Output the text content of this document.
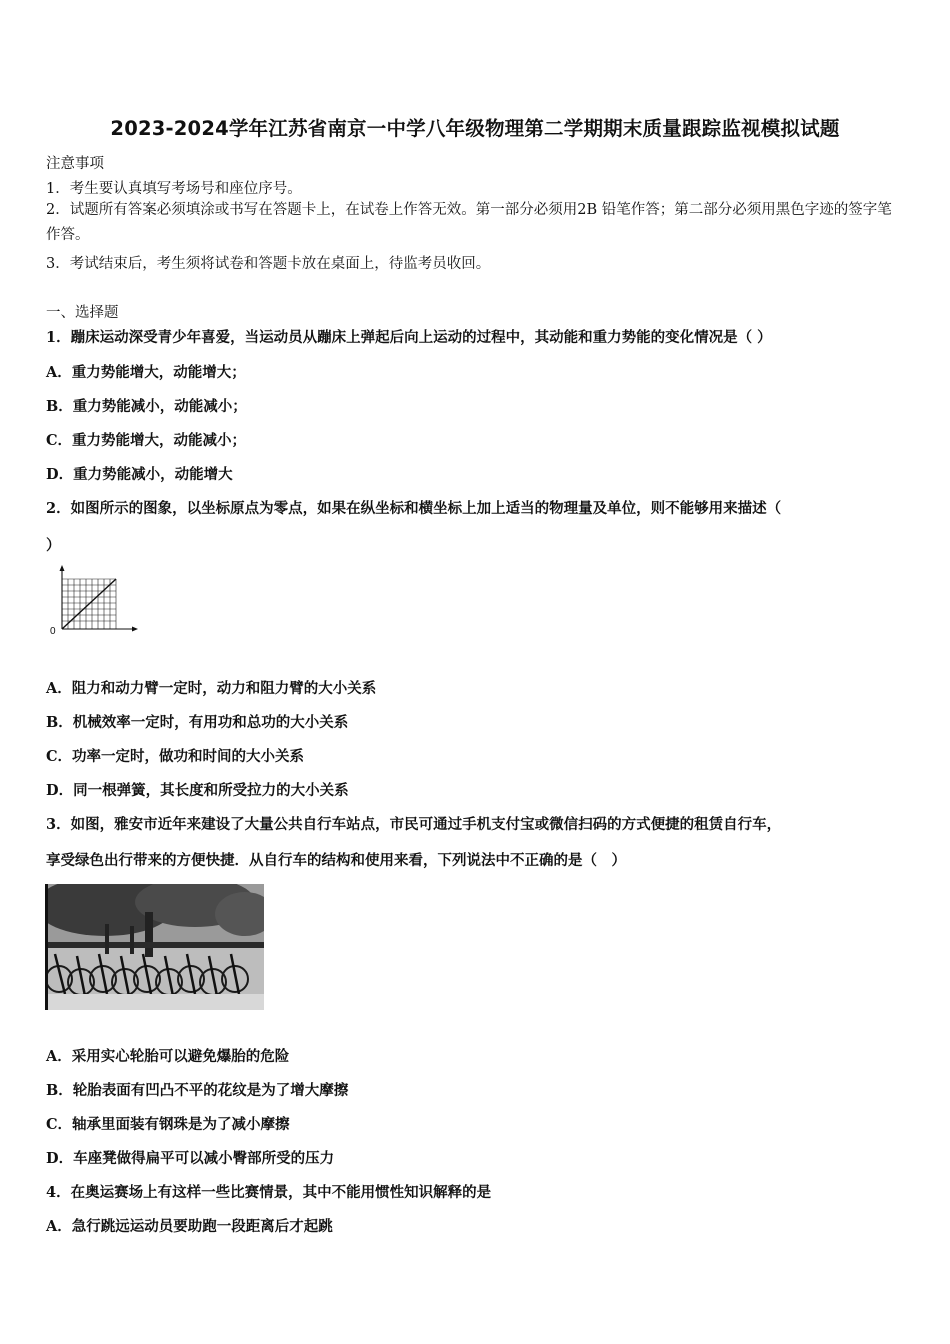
2023-2024学年江苏省南京一中学八年级物理第二学期期末质量跟踪监视模拟试题
注意事项
1．考生要认真填写考场号和座位序号。
2．试题所有答案必须填涂或书写在答题卡上，在试卷上作答无效。第一部分必须用2B 铅笔作答；第二部分必须用黑色字迹的签字笔作答。
3．考试结束后，考生须将试卷和答题卡放在桌面上，待监考员收回。
一、选择题
1．蹦床运动深受青少年喜爱，当运动员从蹦床上弹起后向上运动的过程中，其动能和重力势能的变化情况是（ ）
A．重力势能增大，动能增大；
B．重力势能减小，动能减小；
C．重力势能增大，动能减小；
D．重力势能减小，动能增大
2．如图所示的图象，以坐标原点为零点，如果在纵坐标和横坐标上加上适当的物理量及单位，则不能够用来描述（
）
0
A．阻力和动力臂一定时，动力和阻力臂的大小关系
B．机械效率一定时，有用功和总功的大小关系
C．功率一定时，做功和时间的大小关系
D．同一根弹簧，其长度和所受拉力的大小关系
3．如图，雅安市近年来建设了大量公共自行车站点，市民可通过手机支付宝或微信扫码的方式便捷的租赁自行车，
享受绿色出行带来的方便快捷．从自行车的结构和使用来看，下列说法中不正确的是（　）
A．采用实心轮胎可以避免爆胎的危险
B．轮胎表面有凹凸不平的花纹是为了增大摩擦
C．轴承里面装有钢珠是为了减小摩擦
D．车座凳做得扁平可以减小臀部所受的压力
4．在奥运赛场上有这样一些比赛情景，其中不能用惯性知识解释的是
A．急行跳远运动员要助跑一段距离后才起跳
